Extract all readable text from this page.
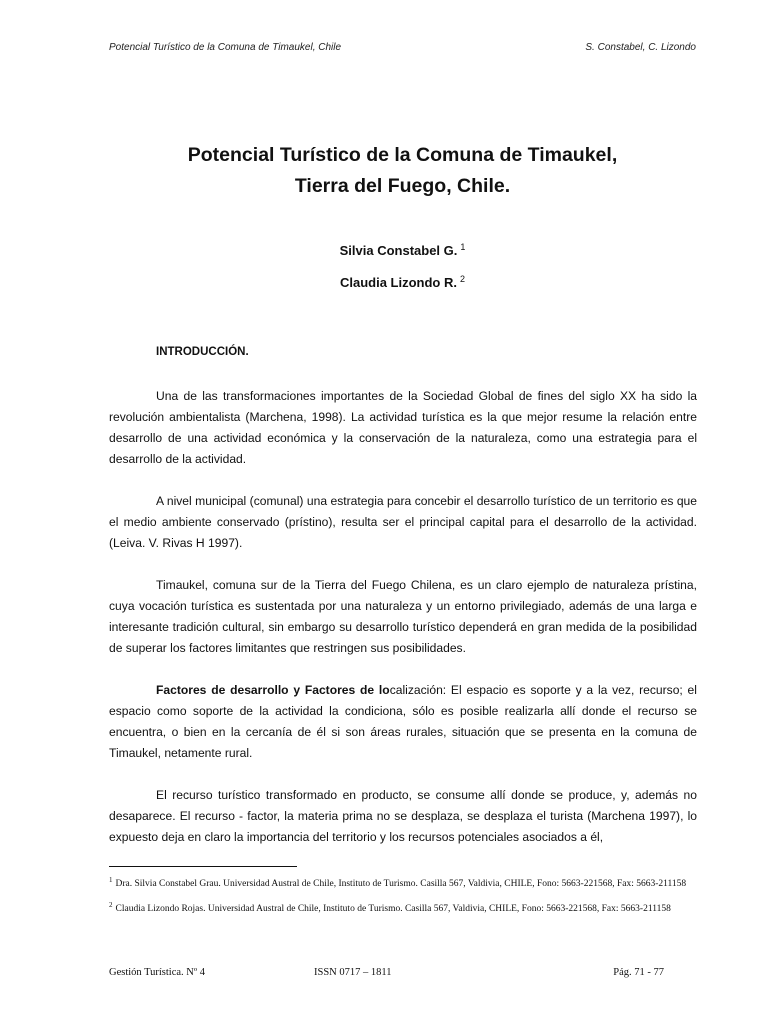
Potencial Turístico de la Comuna de Timaukel, Chile	S. Constabel, C. Lizondo
Potencial Turístico de la Comuna de Timaukel,
Tierra del Fuego, Chile.
Silvia Constabel G. $^1$
Claudia Lizondo R. $^2$
INTRODUCCIÓN.

Una de las transformaciones importantes de la Sociedad Global de fines del siglo XX ha sido la revolución ambientalista (Marchena, 1998). La actividad turística es la que mejor resume la relación entre desarrollo de una actividad económica y la conservación de la naturaleza, como una estrategia para el desarrollo de la actividad.

A nivel municipal (comunal) una estrategia para concebir el desarrollo turístico de un territorio es que el medio ambiente conservado (prístino), resulta ser el principal capital para el desarrollo de la actividad. (Leiva. V. Rivas H 1997).

Timaukel, comuna sur de la Tierra del Fuego Chilena, es un claro ejemplo de naturaleza prístina, cuya vocación turística es sustentada por una naturaleza y un entorno privilegiado, además de una larga e interesante tradición cultural, sin embargo su desarrollo turístico dependerá en gran medida de la posibilidad de superar los factores limitantes que restringen sus posibilidades.

Factores de desarrollo y Factores de localización: El espacio es soporte y a la vez, recurso; el espacio como soporte de la actividad la condiciona, sólo es posible realizarla allí donde el recurso se encuentra, o bien en la cercanía de él si son áreas rurales, situación que se presenta en la comuna de Timaukel, netamente rural.

El recurso turístico transformado en producto, se consume allí donde se produce, y, además no desaparece. El recurso - factor, la materia prima no se desplaza, se desplaza el turista (Marchena 1997), lo expuesto deja en claro la importancia del territorio y los recursos potenciales asociados a él,

$^1$ Dra. Silvia Constabel Grau. Universidad Austral de Chile, Instituto de Turismo. Casilla 567, Valdivia, CHILE, Fono: 5663-221568, Fax: 5663-211158

$^2$ Claudia Lizondo Rojas. Universidad Austral de Chile, Instituto de Turismo. Casilla 567, Valdivia, CHILE, Fono: 5663-221568, Fax: 5663-211158

Gestión Turística. Nº 4	ISSN 0717 – 1811	Pág. 71 - 77
